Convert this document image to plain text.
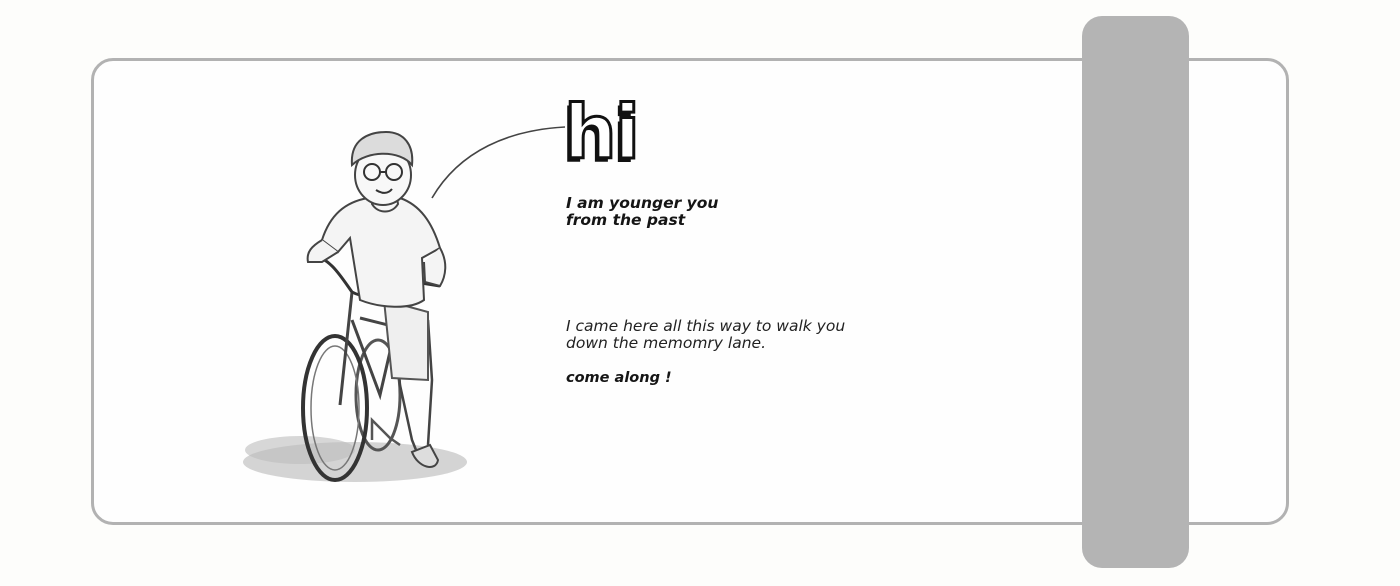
hi

I am younger you
from the past

I came here all this way to walk you
down the memomry lane.

come along !
